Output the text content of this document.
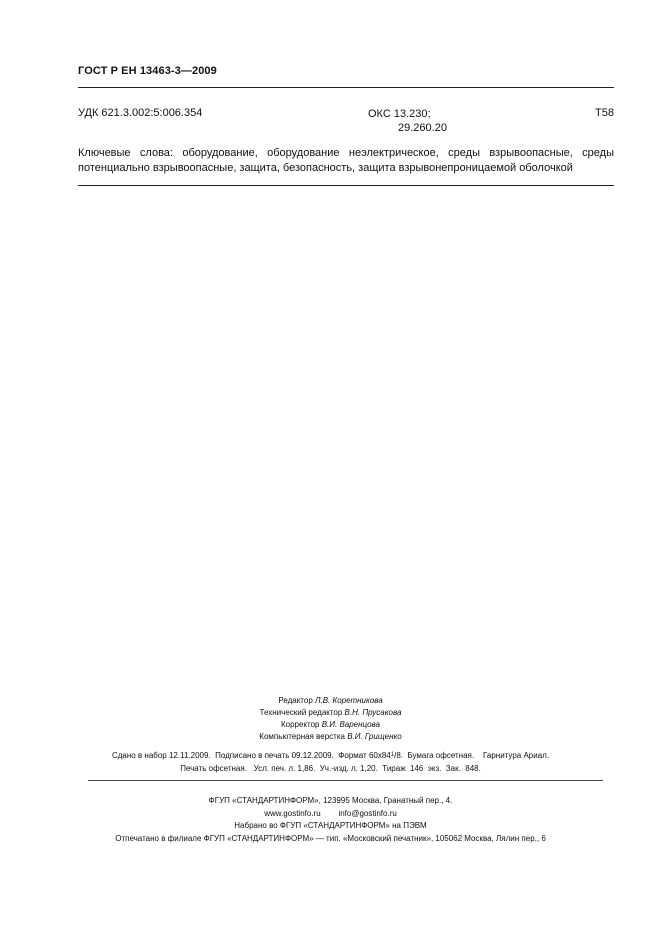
ГОСТ Р ЕН 13463-3—2009
УДК 621.3.002:5:006.354	ОКС 13.230;
29.260.20
Т58
Ключевые слова: оборудование, оборудование неэлектрическое, среды взрывоопасные, среды потенциально взрывоопасные, защита, безопасность, защита взрывонепроницаемой оболочкой
Редактор Л.В. Коретникова
Технический редактор В.Н. Прусакова
Корректор В.И. Варенцова
Компьютерная верстка В.И. Грищенко
Сдано в набор 12.11.2009.  Подписано в печать 09.12.2009.  Формат $60x84^1/8$.  Бумага офсетная.    Гарнитура Ариал.
Печать офсетная.   Усл. печ. л. 1,86.  Уч.-изд. л. 1,20.  Тираж  146  экз.  Зак.  848.
ФГУП «СТАНДАРТИНФОРМ», 123995 Москва, Гранатный пер., 4.
www.gostinfo.ru        info@gostinfo.ru
Набрано во ФГУП «СТАНДАРТИНФОРМ» на ПЭВМ
Отпечатано в филиале ФГУП «СТАНДАРТИНФОРМ» — тип. «Московский печатник», 105062 Москва, Лялин пер., 6
